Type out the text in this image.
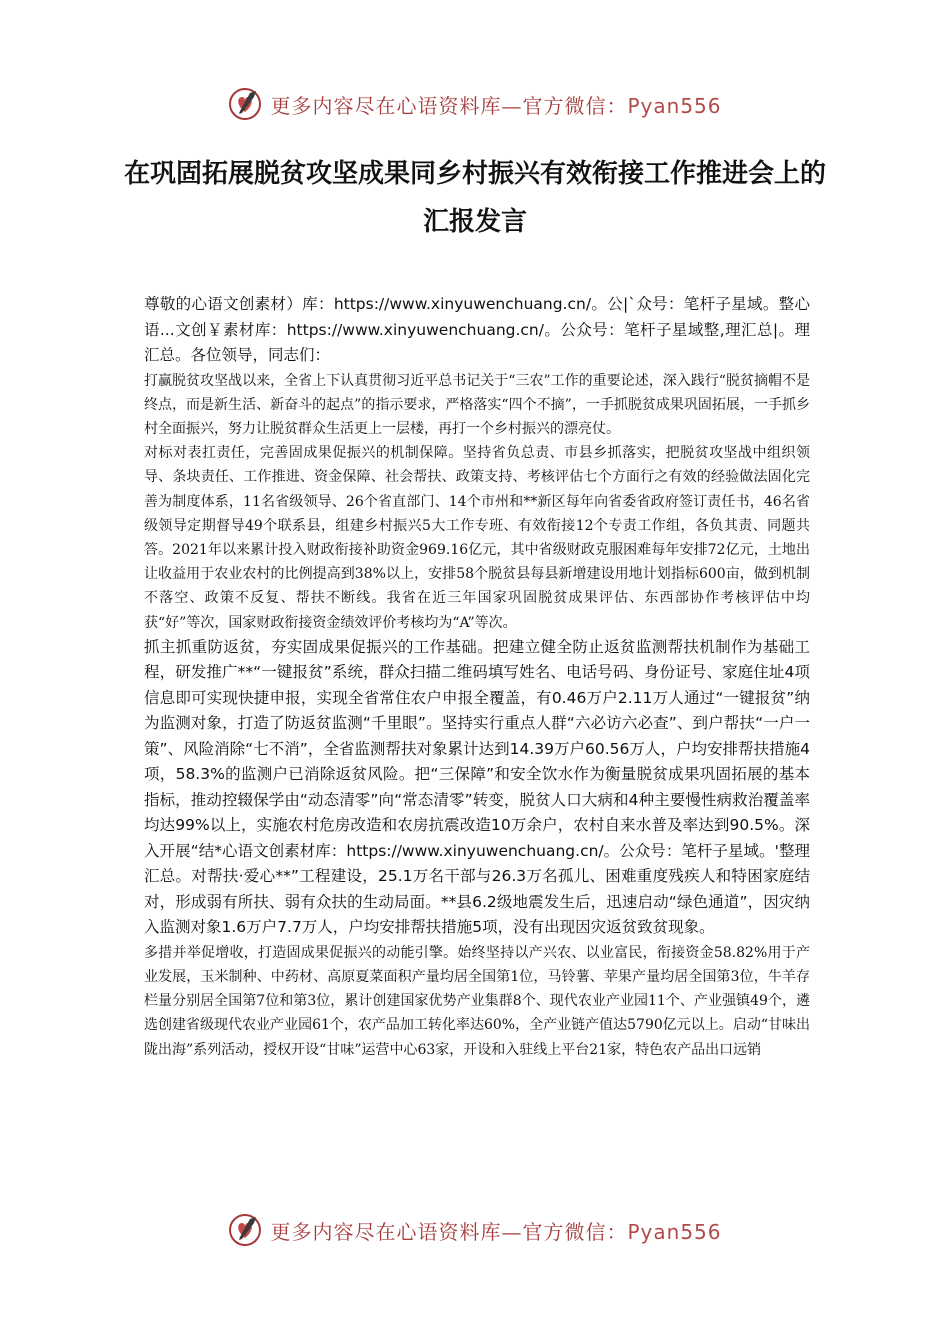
更多内容尽在心语资料库—官方微信：Pyan556
在巩固拓展脱贫攻坚成果同乡村振兴有效衔接工作推进会上的汇报发言

尊敬的心语文创素材）库：https://www.xinyuwenchuang.cn/。公|`众号：笔杆子星域。整心语...文创￥素材库：https://www.xinyuwenchuang.cn/。公众号：笔杆子星域整,理汇总|。理汇总。各位领导，同志们：

打赢脱贫攻坚战以来，全省上下认真贯彻习近平总书记关于“三农”工作的重要论述，深入践行“脱贫摘帽不是终点，而是新生活、新奋斗的起点”的指示要求，严格落实“四个不摘”，一手抓脱贫成果巩固拓展，一手抓乡村全面振兴，努力让脱贫群众生活更上一层楼，再打一个乡村振兴的漂亮仗。

对标对表扛责任，完善固成果促振兴的机制保障。坚持省负总责、市县乡抓落实，把脱贫攻坚战中组织领导、条块责任、工作推进、资金保障、社会帮扶、政策支持、考核评估七个方面行之有效的经验做法固化完善为制度体系，11名省级领导、26个省直部门、14个市州和**新区每年向省委省政府签订责任书，46名省级领导定期督导49个联系县，组建乡村振兴5大工作专班、有效衔接12个专责工作组，各负其责、同题共答。2021年以来累计投入财政衔接补助资金969.16亿元，其中省级财政克服困难每年安排72亿元，土地出让收益用于农业农村的比例提高到38%以上，安排58个脱贫县每县新增建设用地计划指标600亩，做到机制不落空、政策不反复、帮扶不断线。我省在近三年国家巩固脱贫成果评估、东西部协作考核评估中均获“好”等次，国家财政衔接资金绩效评价考核均为“A”等次。

抓主抓重防返贫，夯实固成果促振兴的工作基础。把建立健全防止返贫监测帮扶机制作为基础工程，研发推广**“一键报贫”系统，群众扫描二维码填写姓名、电话号码、身份证号、家庭住址4项信息即可实现快捷申报，实现全省常住农户申报全覆盖，有0.46万户2.11万人通过“一键报贫”纳为监测对象，打造了防返贫监测“千里眼”。坚持实行重点人群“六必访六必查”、到户帮扶“一户一策”、风险消除“七不消”，全省监测帮扶对象累计达到14.39万户60.56万人，户均安排帮扶措施4项，58.3%的监测户已消除返贫风险。把“三保障”和安全饮水作为衡量脱贫成果巩固拓展的基本指标，推动控辍保学由“动态清零”向“常态清零”转变，脱贫人口大病和4种主要慢性病救治覆盖率均达99%以上，实施农村危房改造和农房抗震改造10万余户，农村自来水普及率达到90.5%。深入开展“结*心语文创素材库：https://www.xinyuwenchuang.cn/。公众号：笔杆子星域。'整理汇总。对帮扶·爱心**”工程建设，25.1万名干部与26.3万名孤儿、困难重度残疾人和特困家庭结对，形成弱有所扶、弱有众扶的生动局面。**县6.2级地震发生后，迅速启动“绿色通道”，因灾纳入监测对象1.6万户7.7万人，户均安排帮扶措施5项，没有出现因灾返贫致贫现象。

多措并举促增收，打造固成果促振兴的动能引擎。始终坚持以产兴农、以业富民，衔接资金58.82%用于产业发展，玉米制种、中药材、高原夏菜面积产量均居全国第1位，马铃薯、苹果产量均居全国第3位，牛羊存栏量分别居全国第7位和第3位，累计创建国家优势产业集群8个、现代农业产业园11个、产业强镇49个，遴选创建省级现代农业产业园61个，农产品加工转化率达60%，全产业链产值达5790亿元以上。启动“甘味出陇出海”系列活动，授权开设“甘味”运营中心63家，开设和入驻线上平台21家，特色农产品出口远销

更多内容尽在心语资料库—官方微信：Pyan556
